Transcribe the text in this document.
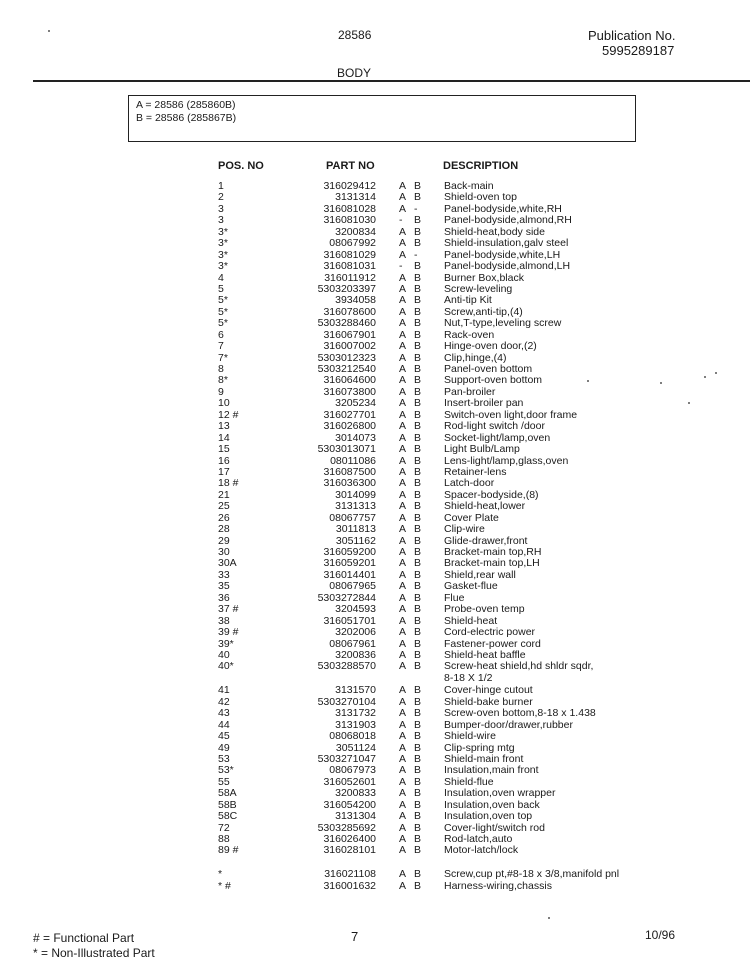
28586	Publication No.
5995289187
BODY
A = 28586 (285860B)
B = 28586 (285867B)
POS. NO	PART NO	DESCRIPTION
1	316029412 A B Back-main
2	3131314 A B Shield-oven top
3	316081028 A -	Panel-bodyside,white,RH
3	316081030 - B Panel-bodyside,almond,RH
3*	3200834 A B Shield-heat,body side
3*	08067992 A B Shield-insulation,galv steel
3*	316081029 A -	Panel-bodyside,white,LH
3*	316081031 - B Panel-bodyside,almond,LH
4	316011912 A B Burner Box,black
5	5303203397 A B Screw-leveling
5*	3934058 A B Anti-tip Kit
5*	316078600 A B Screw,anti-tip,(4)
5*	5303288460 A B Nut,T-type,leveling screw
6	316067901 A B Rack-oven
7	316007002 A B Hinge-oven door,(2)
7*	5303012323 A B Clip,hinge,(4)
8	5303212540 A B Panel-oven bottom
8*	316064600 A B Support-oven bottom
9	316073800 A B Pan-broiler
10	3205234 A B Insert-broiler pan
12 #	316027701 A B Switch-oven light,door frame
13	316026800 A B Rod-light switch /door
14	3014073 A B Socket-light/lamp,oven
15	5303013071 A B Light Bulb/Lamp
16	08011086 A B Lens-light/lamp,glass,oven
17	316087500 A B Retainer-lens
18 #	316036300 A B Latch-door
21	3014099 A B Spacer-bodyside,(8)
25	3131313 A B Shield-heat,lower
26	08067757 A B Cover Plate
28	3011813 A B Clip-wire
29	3051162 A B Glide-drawer,front
30	316059200 A B Bracket-main top,RH
30A	316059201 A B Bracket-main top,LH
33	316014401 A B Shield,rear wall
35	08067965 A B Gasket-flue
36	5303272844 A B Flue
37 #	3204593 A B Probe-oven temp
38	316051701 A B Shield-heat
39 #	3202006 A B Cord-electric power
39*	08067961 A B Fastener-power cord
40	3200836 A B Shield-heat baffle
40*	5303288570 A B Screw-heat shield,hd shldr sqdr,
8-18 X 1/2
41	3131570 A B Cover-hinge cutout
42	5303270104 A B Shield-bake burner
43	3131732 A B Screw-oven bottom,8-18 x 1.438
44	3131903 A B Bumper-door/drawer,rubber
45	08068018 A B Shield-wire
49	3051124 A B Clip-spring mtg
53	5303271047 A B Shield-main front
53*	08067973 A B Insulation,main front
55	316052601 A B Shield-flue
58A	3200833 A B Insulation,oven wrapper
58B	316054200 A B Insulation,oven back
58C	3131304 A B Insulation,oven top
72	5303285692 A B Cover-light/switch rod
88	316026400 A B Rod-latch,auto
89 #	316028101 A B Motor-latch/lock
*	316021108 A B Screw,cup pt,#8-18 x 3/8,manifold pnl
* #	316001632 A B Harness-wiring,chassis
# = Functional Part
* = Non-Illustrated Part
7	10/96
